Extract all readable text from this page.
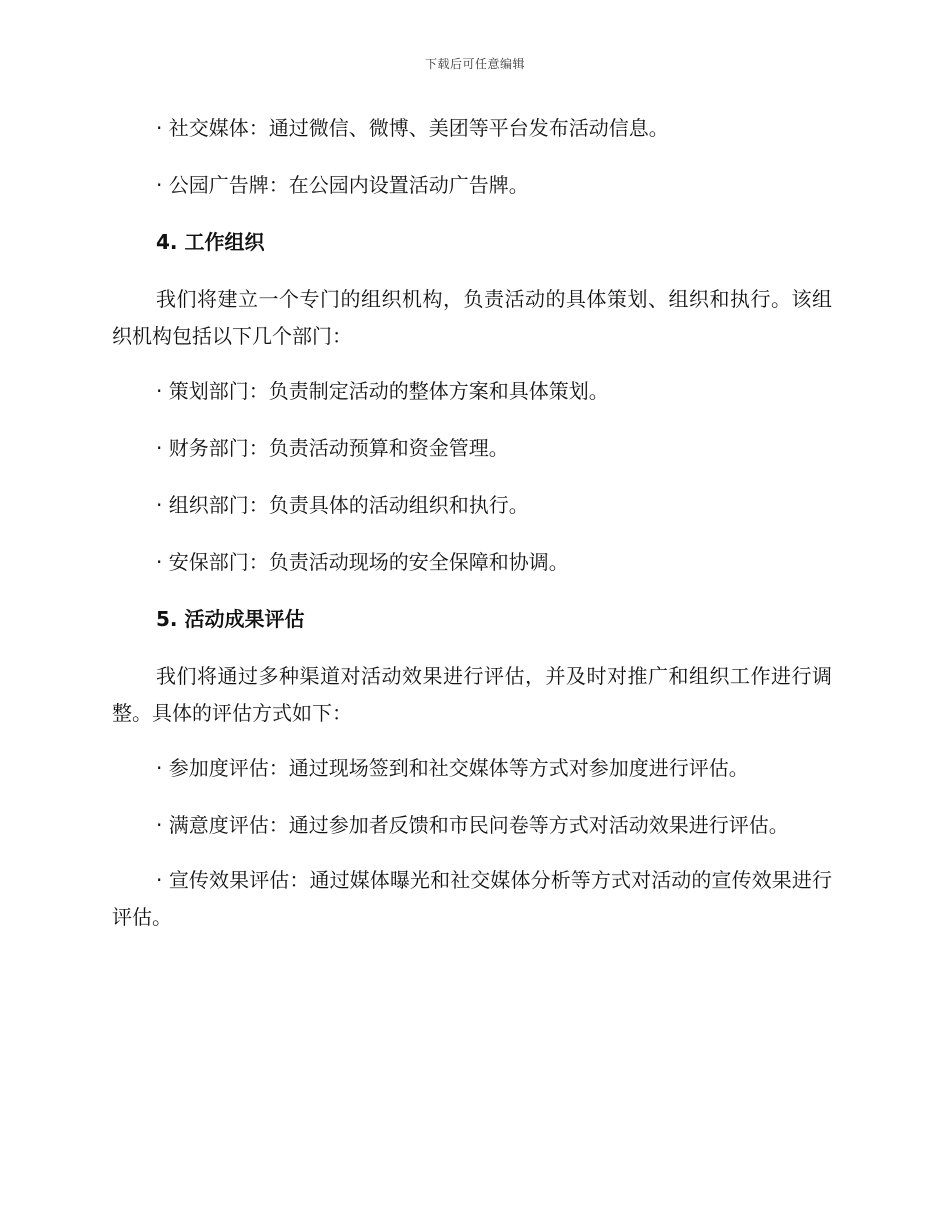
下载后可任意编辑

· 社交媒体：通过微信、微博、美团等平台发布活动信息。

· 公园广告牌：在公园内设置活动广告牌。

4. 工作组织

我们将建立一个专门的组织机构，负责活动的具体策划、组织和执行。该组织机构包括以下几个部门：

· 策划部门：负责制定活动的整体方案和具体策划。

· 财务部门：负责活动预算和资金管理。

· 组织部门：负责具体的活动组织和执行。

· 安保部门：负责活动现场的安全保障和协调。

5. 活动成果评估

我们将通过多种渠道对活动效果进行评估，并及时对推广和组织工作进行调整。具体的评估方式如下：

· 参加度评估：通过现场签到和社交媒体等方式对参加度进行评估。

· 满意度评估：通过参加者反馈和市民问卷等方式对活动效果进行评估。

· 宣传效果评估：通过媒体曝光和社交媒体分析等方式对活动的宣传效果进行评估。
